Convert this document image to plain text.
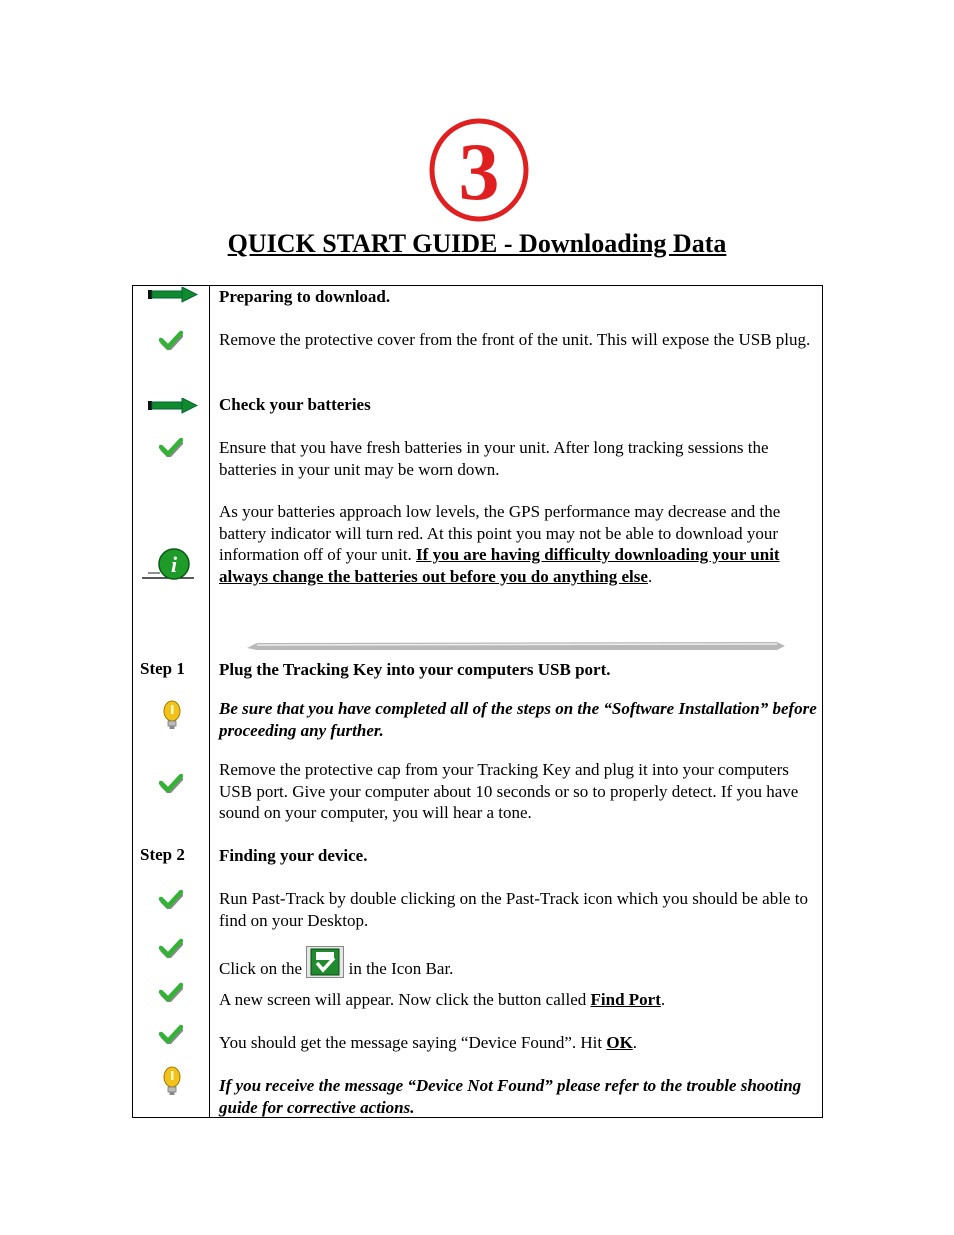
3
QUICK START GUIDE - Downloading Data
Preparing to download.
Remove the protective cover from the front of the unit. This will expose the USB plug.
Check your batteries
Ensure that you have fresh batteries in your unit. After long tracking sessions the batteries in your unit may be worn down.
i
As your batteries approach low levels, the GPS performance may decrease and the battery indicator will turn red. At this point you may not be able to download your information off of your unit. If you are having difficulty downloading your unit always change the batteries out before you do anything else.
Step 1 Plug the Tracking Key into your computers USB port.
Be sure that you have completed all of the steps on the “Software Installation” before proceeding any further.
Remove the protective cap from your Tracking Key and plug it into your computers USB port. Give your computer about 10 seconds or so to properly detect. If you have sound on your computer, you will hear a tone.
Step 2 Finding your device.
Run Past-Track by double clicking on the Past-Track icon which you should be able to find on your Desktop.
Click on the  in the Icon Bar.
A new screen will appear. Now click the button called Find Port.
You should get the message saying “Device Found”. Hit OK.
If you receive the message “Device Not Found” please refer to the trouble shooting guide for corrective actions.
